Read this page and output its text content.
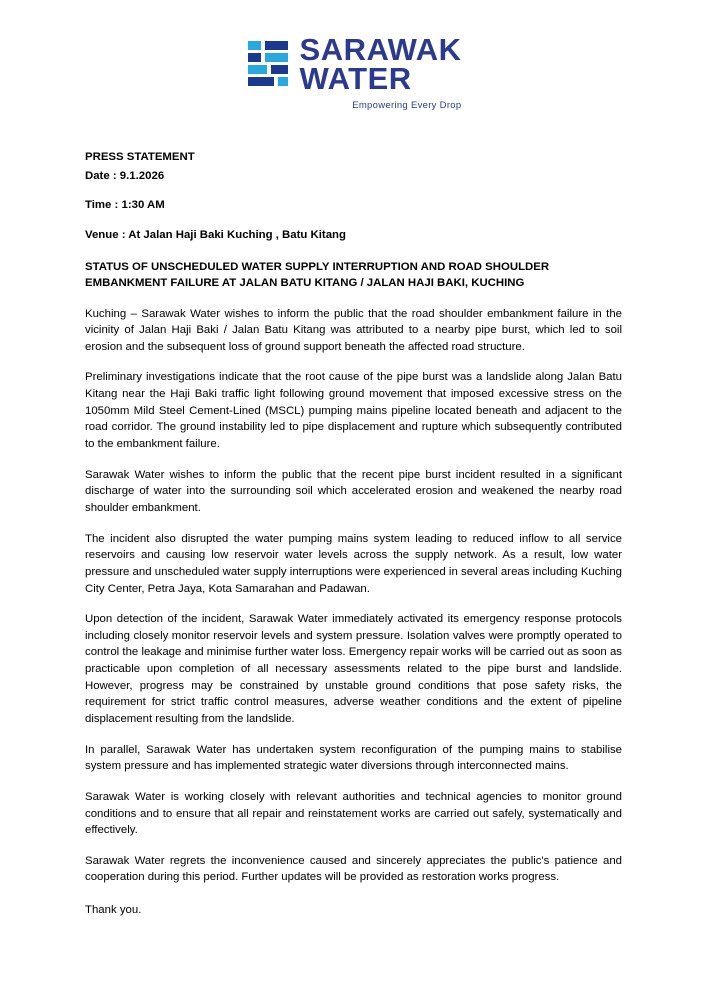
SARAWAK
WATER
Empowering Every Drop
PRESS STATEMENT
Date : 9.1.2026
Time : 1:30 AM
Venue : At Jalan Haji Baki Kuching , Batu Kitang
STATUS OF UNSCHEDULED WATER SUPPLY INTERRUPTION AND ROAD SHOULDER EMBANKMENT FAILURE AT JALAN BATU KITANG / JALAN HAJI BAKI, KUCHING

Kuching – Sarawak Water wishes to inform the public that the road shoulder embankment failure in the vicinity of Jalan Haji Baki / Jalan Batu Kitang was attributed to a nearby pipe burst, which led to soil erosion and the subsequent loss of ground support beneath the affected road structure.

Preliminary investigations indicate that the root cause of the pipe burst was a landslide along Jalan Batu Kitang near the Haji Baki traffic light following ground movement that imposed excessive stress on the 1050mm Mild Steel Cement-Lined (MSCL) pumping mains pipeline located beneath and adjacent to the road corridor. The ground instability led to pipe displacement and rupture which subsequently contributed to the embankment failure.

Sarawak Water wishes to inform the public that the recent pipe burst incident resulted in a significant discharge of water into the surrounding soil which accelerated erosion and weakened the nearby road shoulder embankment.

The incident also disrupted the water pumping mains system leading to reduced inflow to all service reservoirs and causing low reservoir water levels across the supply network. As a result, low water pressure and unscheduled water supply interruptions were experienced in several areas including Kuching City Center, Petra Jaya, Kota Samarahan and Padawan.

Upon detection of the incident, Sarawak Water immediately activated its emergency response protocols including closely monitor reservoir levels and system pressure. Isolation valves were promptly operated to control the leakage and minimise further water loss. Emergency repair works will be carried out as soon as practicable upon completion of all necessary assessments related to the pipe burst and landslide. However, progress may be constrained by unstable ground conditions that pose safety risks, the requirement for strict traffic control measures, adverse weather conditions and the extent of pipeline displacement resulting from the landslide.

In parallel, Sarawak Water has undertaken system reconfiguration of the pumping mains to stabilise system pressure and has implemented strategic water diversions through interconnected mains.

Sarawak Water is working closely with relevant authorities and technical agencies to monitor ground conditions and to ensure that all repair and reinstatement works are carried out safely, systematically and effectively.

Sarawak Water regrets the inconvenience caused and sincerely appreciates the public's patience and cooperation during this period. Further updates will be provided as restoration works progress.

Thank you.
